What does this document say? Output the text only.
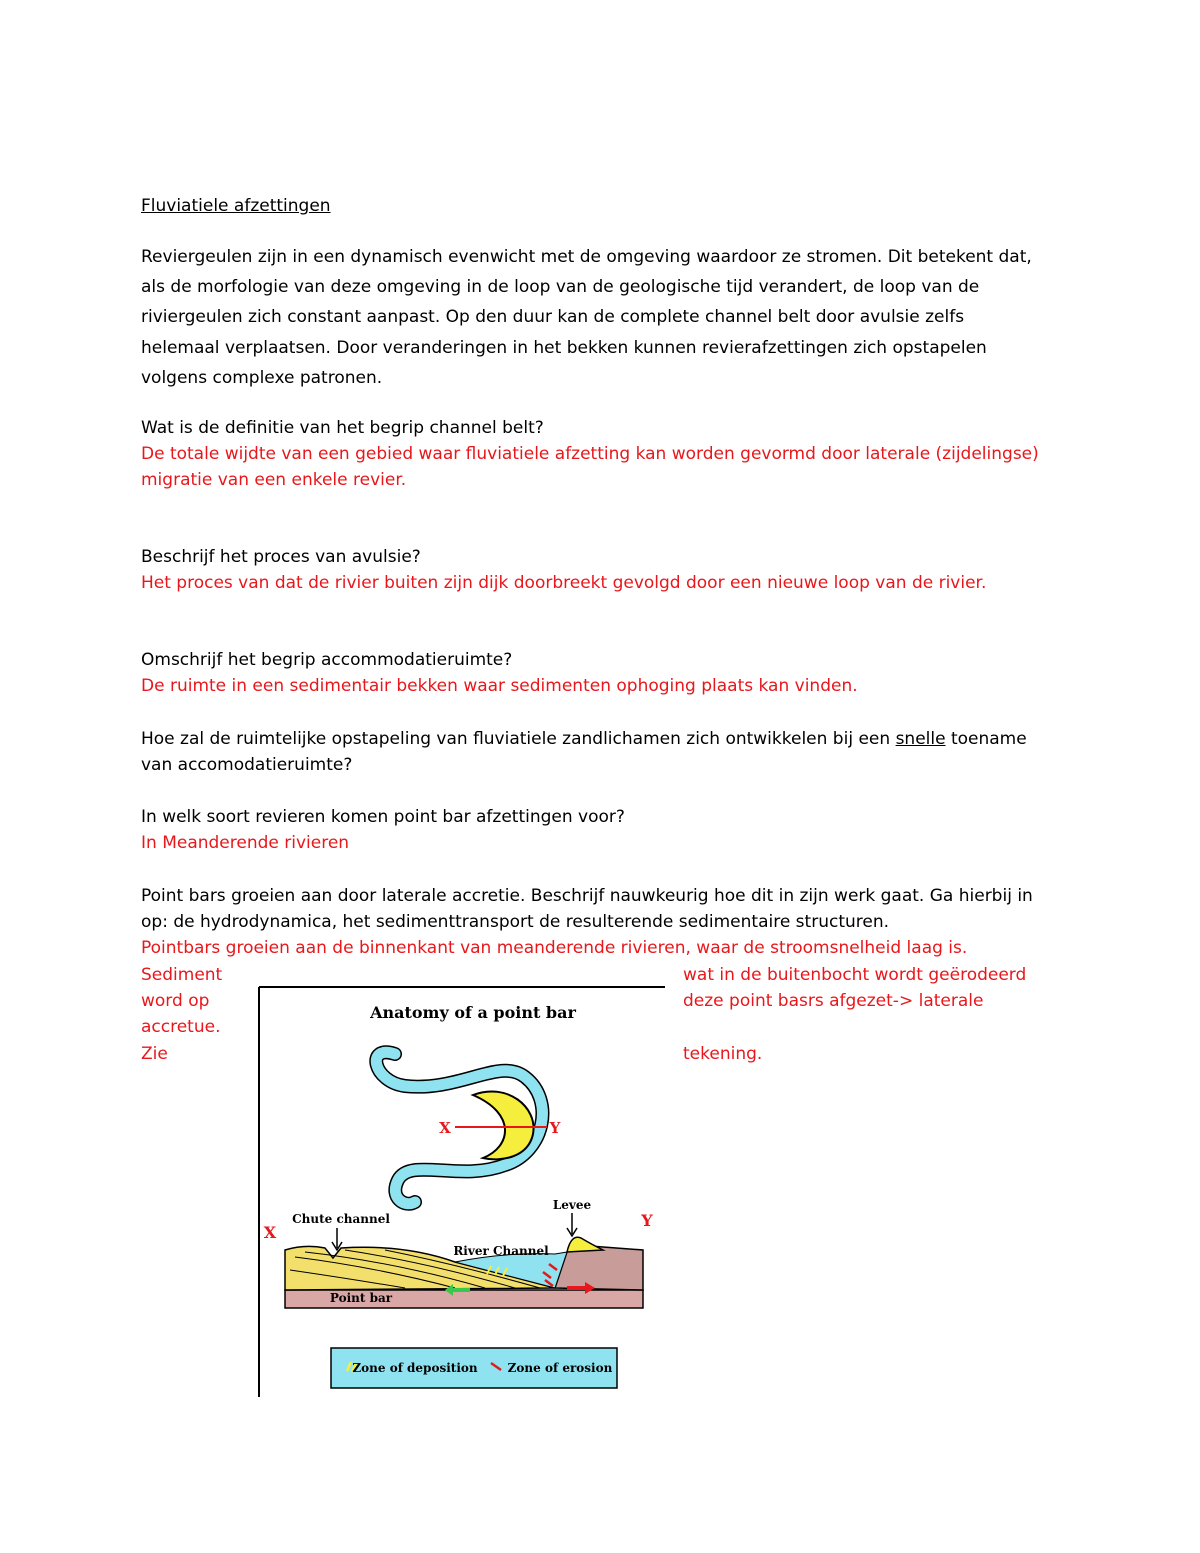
Fluviatiele afzettingen
Reviergeulen zijn in een dynamisch evenwicht met de omgeving waardoor ze stromen. Dit betekent dat,
als de morfologie van deze omgeving in de loop van de geologische tijd verandert, de loop van de
riviergeulen zich constant aanpast. Op den duur kan de complete channel belt door avulsie zelfs
helemaal verplaatsen. Door veranderingen in het bekken kunnen revierafzettingen zich opstapelen
volgens complexe patronen.
Wat is de definitie van het begrip channel belt?
De totale wijdte van een gebied waar fluviatiele afzetting kan worden gevormd door laterale (zijdelingse)
migratie van een enkele revier.
Beschrijf het proces van avulsie?
Het proces van dat de rivier buiten zijn dijk doorbreekt gevolgd door een nieuwe loop van de rivier.
Omschrijf het begrip accommodatieruimte?
De ruimte in een sedimentair bekken waar sedimenten ophoging plaats kan vinden.
Hoe zal de ruimtelijke opstapeling van fluviatiele zandlichamen zich ontwikkelen bij een snelle toename
van accomodatieruimte?
In welk soort revieren komen point bar afzettingen voor?
In Meanderende rivieren
Point bars groeien aan door laterale accretie. Beschrijf nauwkeurig hoe dit in zijn werk gaat. Ga hierbij in
op: de hydrodynamica, het sedimenttransport de resulterende sedimentaire structuren.
Pointbars groeien aan de binnenkant van meanderende rivieren, waar de stroomsnelheid laag is.
Sediment
word op
accretue.
Zie
wat in de buitenbocht wordt geërodeerd
deze point basrs afgezet-> laterale
tekening.
Anatomy of a point bar
X	Y
X
Y
Chute channel
Levee
River Channel
Point bar
Zone of deposition	Zone of erosion
